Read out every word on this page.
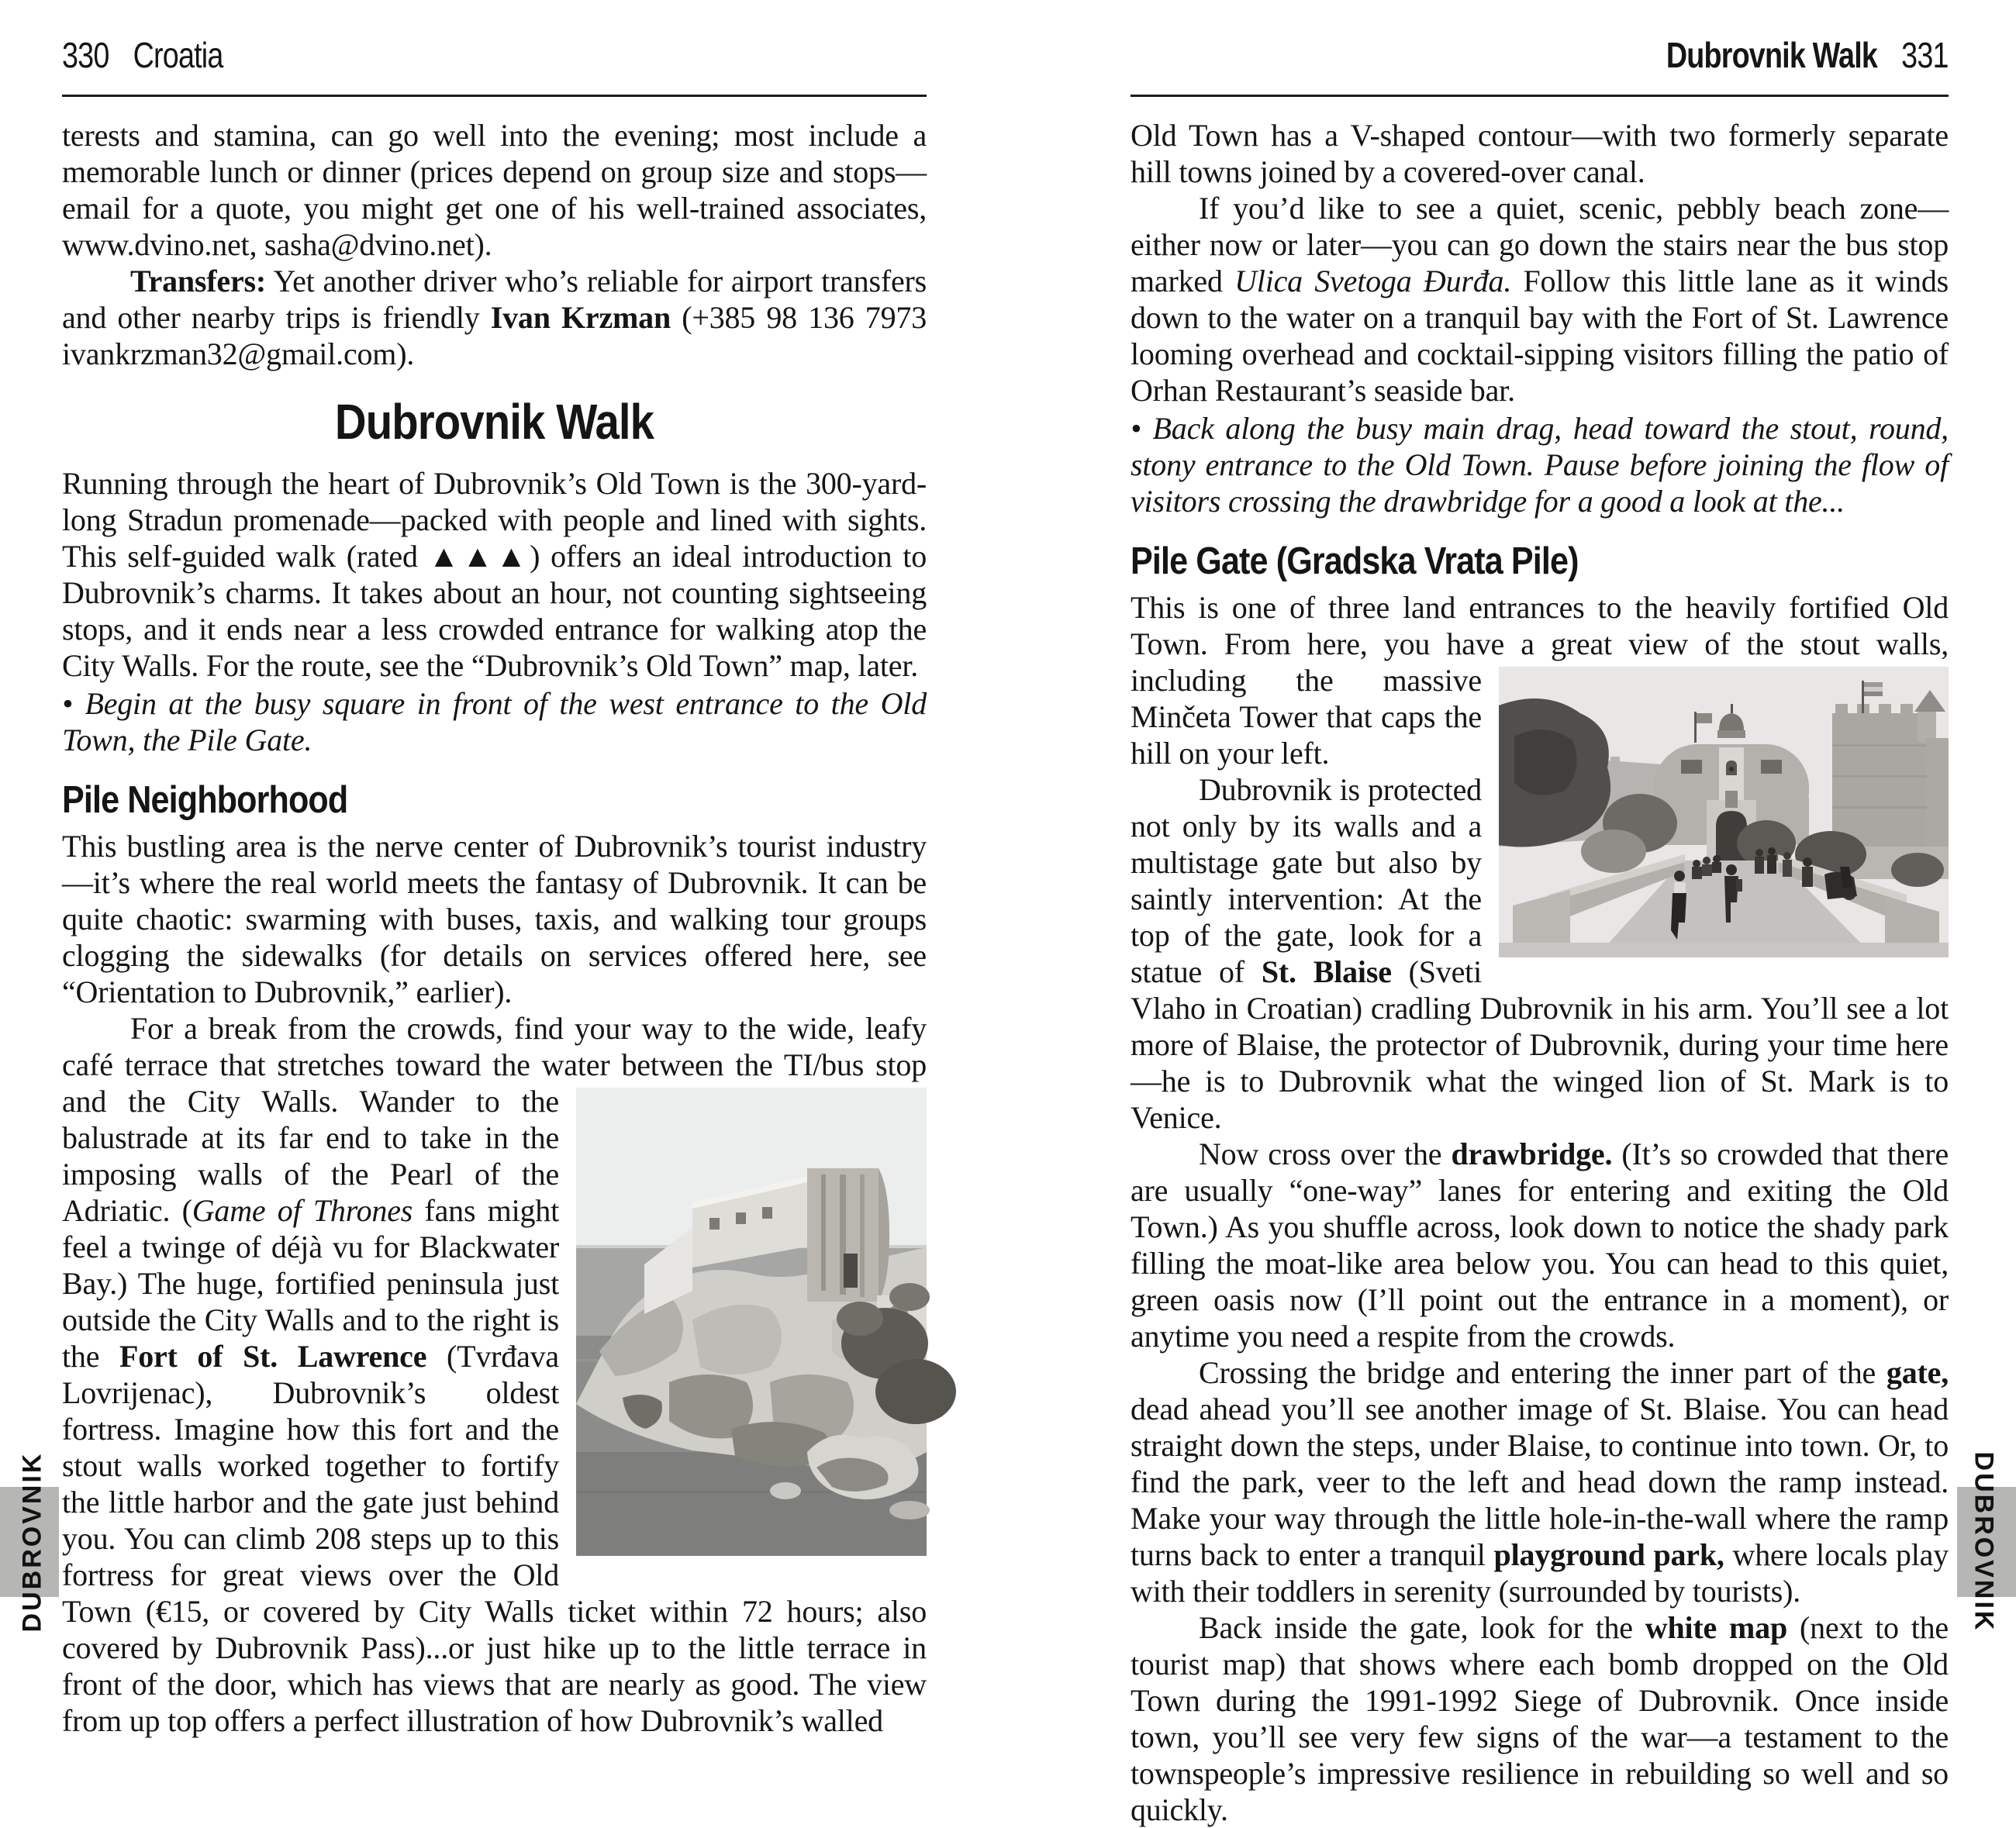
330 Croatia

terests and stamina, can go well into the evening; most include a memorable lunch or dinner (prices depend on group size and stops—email for a quote, you might get one of his well-trained associates, www.dvino.net, sasha@dvino.net).

Transfers: Yet another driver who’s reliable for airport transfers and other nearby trips is friendly Ivan Krzman (+385 98 136 7973 ivankrzman32@gmail.com).

Dubrovnik Walk

Running through the heart of Dubrovnik’s Old Town is the 300-yard-long Stradun promenade—packed with people and lined with sights. This self-guided walk (rated ▲▲▲) offers an ideal introduction to Dubrovnik’s charms. It takes about an hour, not counting sightseeing stops, and it ends near a less crowded entrance for walking atop the City Walls. For the route, see the “Dubrovnik’s Old Town” map, later.

• Begin at the busy square in front of the west entrance to the Old Town, the Pile Gate.

Pile Neighborhood

This bustling area is the nerve center of Dubrovnik’s tourist industry—it’s where the real world meets the fantasy of Dubrovnik. It can be quite chaotic: swarming with buses, taxis, and walking tour groups clogging the sidewalks (for details on services offered here, see “Orientation to Dubrovnik,” earlier).

For a break from the crowds, find your way to the wide, leafy café terrace that stretches toward the water between the TI/bus
stop and the City Walls. Wander to the balustrade at its far end to take in the imposing walls of the Pearl of the Adriatic. (Game of Thrones fans might feel a twinge of déjà vu for Blackwater Bay.) The huge, fortified peninsula just outside the City Walls and to the right is the Fort of St. Lawrence (Tvrđava Lovrijenac), Dubrovnik’s oldest fortress. Imagine how this fort and the stout walls worked together to fortify the little harbor and the gate just behind you. You can climb 208 steps up to this fortress for great views over the Old Town (€15, or covered by City Walls ticket within 72 hours; also covered by Dubrovnik Pass)...or just hike up to the little terrace in front of the door, which has views that are nearly as good. The view from up top offers a perfect illustration of how Dubrovnik’s walled

Dubrovnik Walk 331

Old Town has a V-shaped contour—with two formerly separate hill towns joined by a covered-over canal.

If you’d like to see a quiet, scenic, pebbly beach zone—either now or later—you can go down the stairs near the bus stop marked Ulica Svetoga Đurđa. Follow this little lane as it winds down to the water on a tranquil bay with the Fort of St. Lawrence looming overhead and cocktail-sipping visitors filling the patio of Orhan Restaurant’s seaside bar.

• Back along the busy main drag, head toward the stout, round, stony entrance to the Old Town. Pause before joining the flow of visitors crossing the drawbridge for a good a look at the...

Pile Gate (Gradska Vrata Pile)

This is one of three land entrances to the heavily fortified Old Town. From here, you have a great view of the stout walls,
including the massive Minčeta Tower that caps the hill on your left.

Dubrovnik is protected not only by its walls and a multistage gate but also by saintly intervention: At the top of the gate, look for a statue of St. Blaise (Sveti Vlaho in Croatian) cradling Dubrovnik in his arm. You’ll see a lot more of Blaise, the protector of Dubrovnik, during your time here—he is to Dubrovnik what the winged lion of St. Mark is to Venice.

Now cross over the drawbridge. (It’s so crowded that there are usually “one-way” lanes for entering and exiting the Old Town.) As you shuffle across, look down to notice the shady park filling the moat-like area below you. You can head to this quiet, green oasis now (I’ll point out the entrance in a moment), or anytime you need a respite from the crowds.

Crossing the bridge and entering the inner part of the gate, dead ahead you’ll see another image of St. Blaise. You can head straight down the steps, under Blaise, to continue into town. Or, to find the park, veer to the left and head down the ramp instead. Make your way through the little hole-in-the-wall where the ramp turns back to enter a tranquil playground park, where locals play with their toddlers in serenity (surrounded by tourists).

Back inside the gate, look for the white map (next to the tourist map) that shows where each bomb dropped on the Old Town during the 1991-1992 Siege of Dubrovnik. Once inside town, you’ll see very few signs of the war—a testament to the townspeople’s impressive resilience in rebuilding so well and so quickly.

DUBROVNIK	DUBROVNIK
